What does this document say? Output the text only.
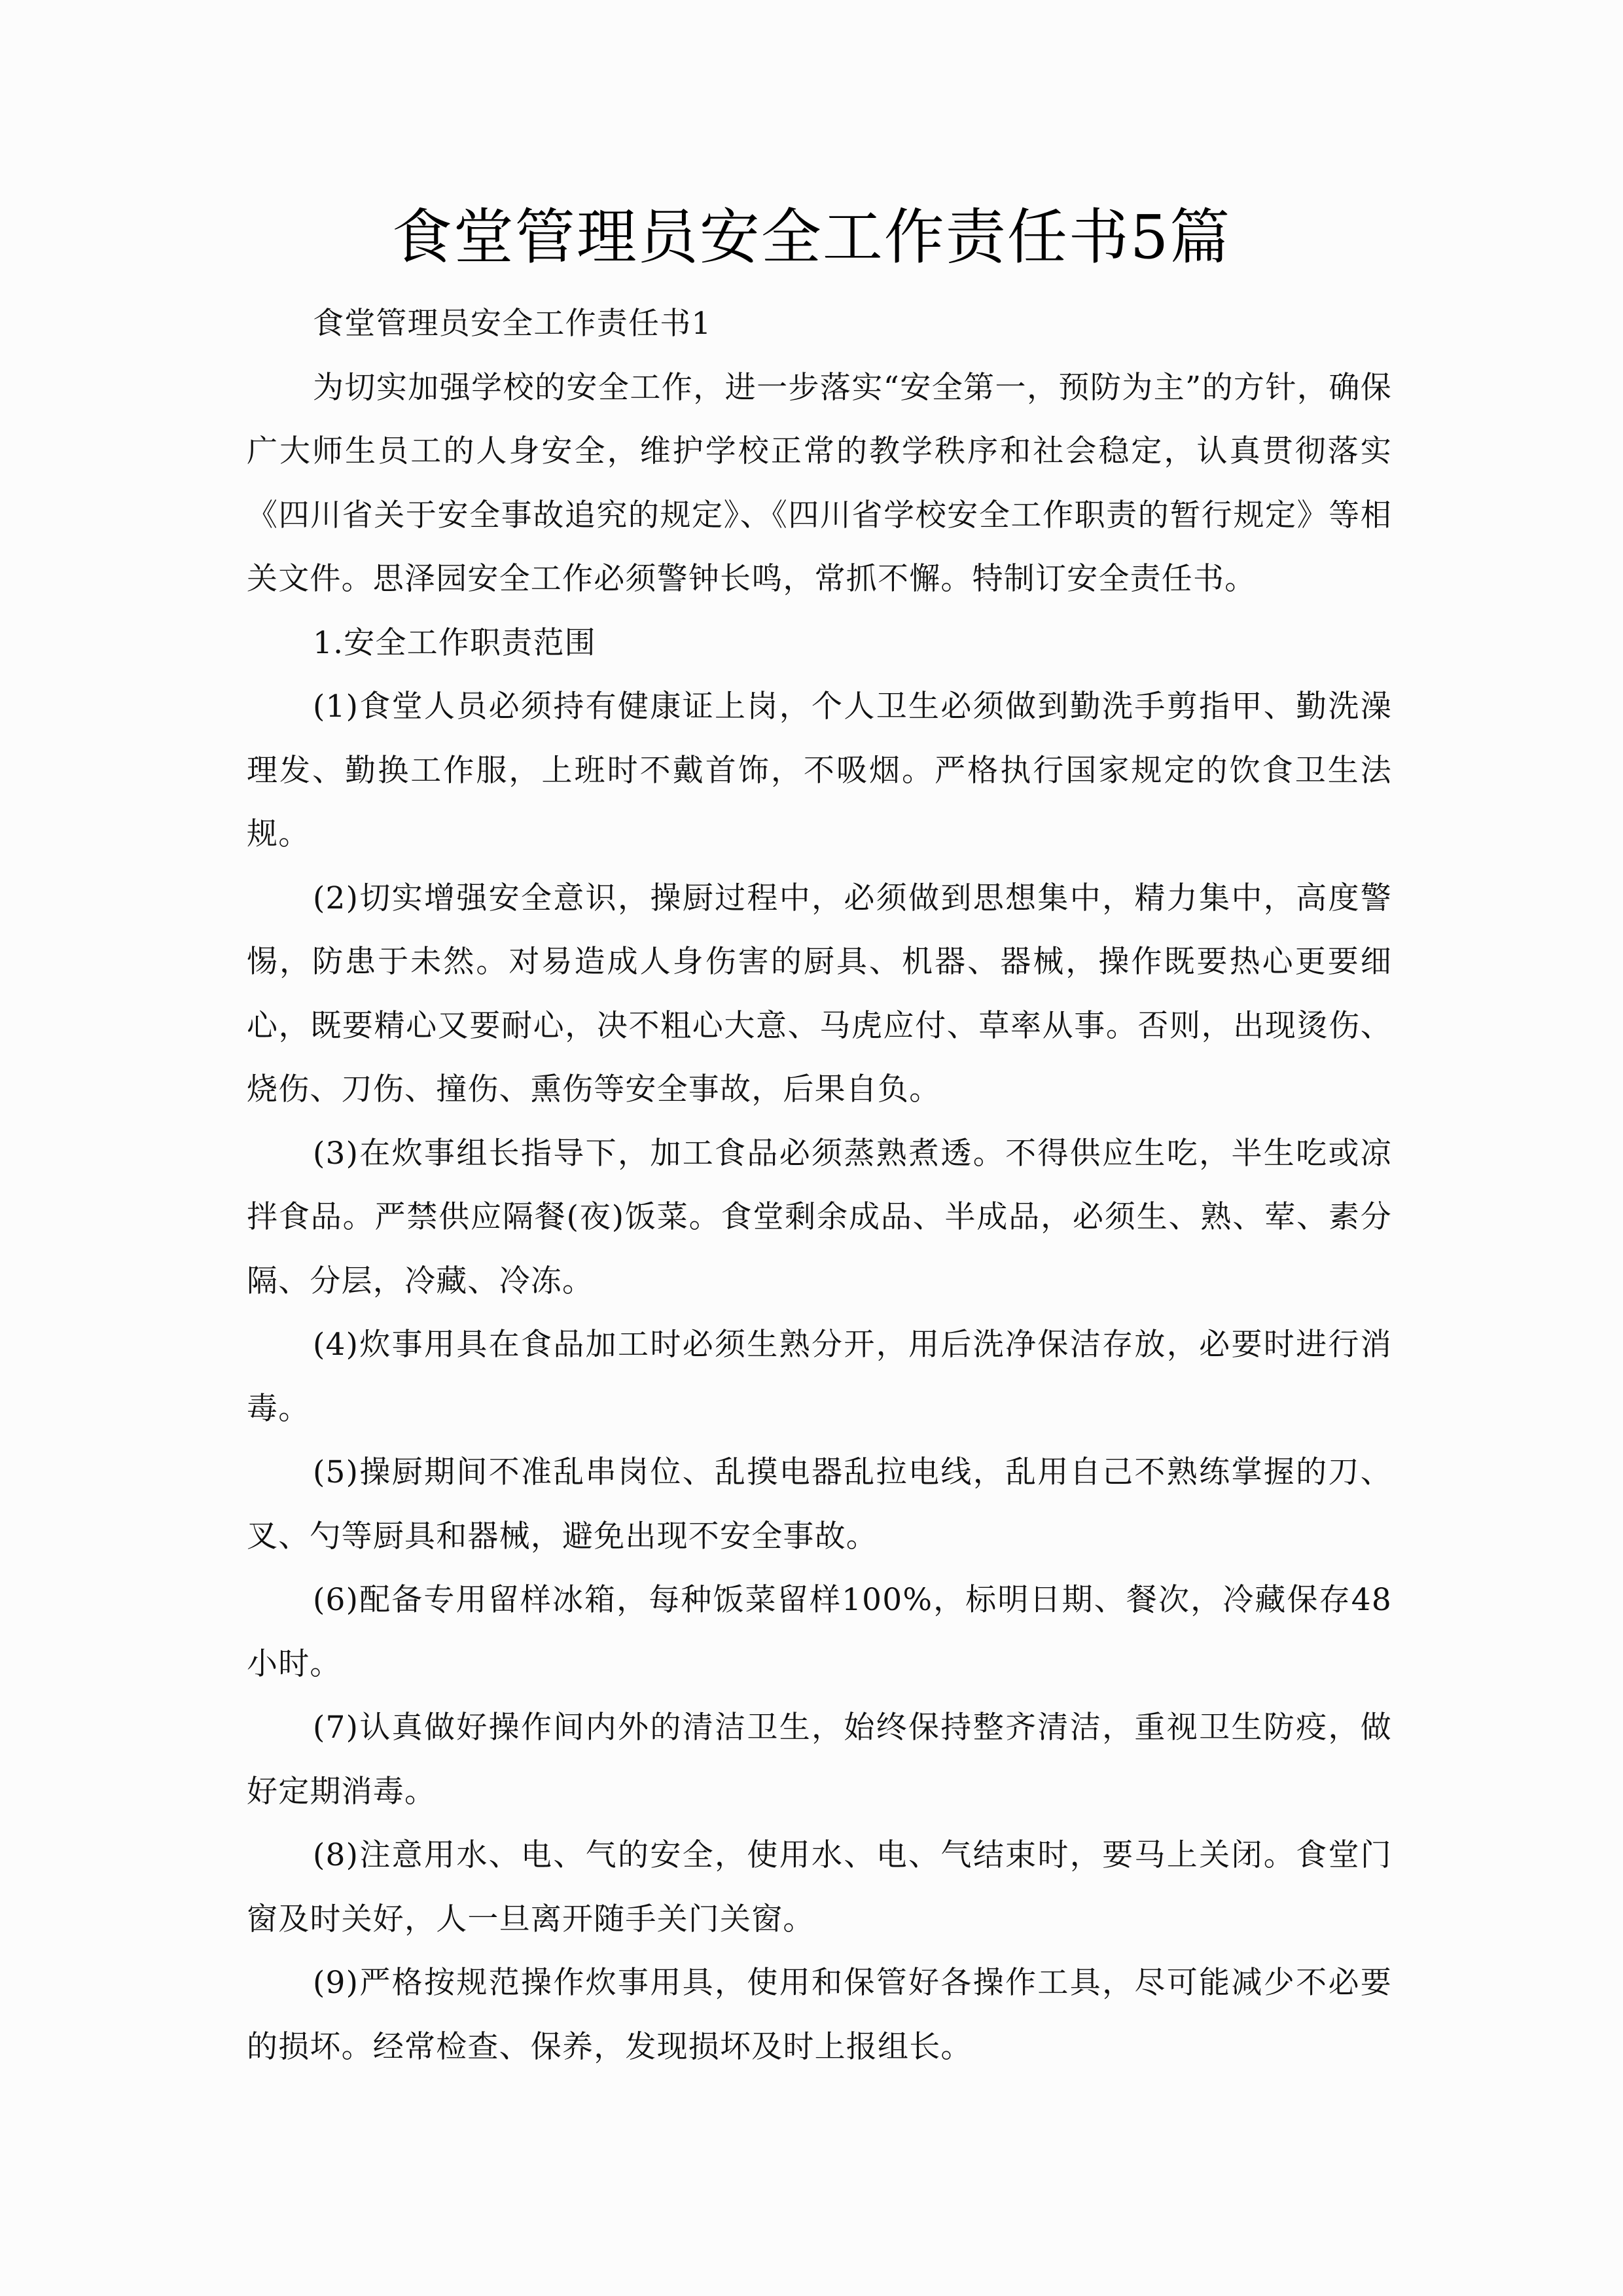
食堂管理员安全工作责任书5篇

食堂管理员安全工作责任书1

为切实加强学校的安全工作，进一步落实“安全第一，预防为主”的方针，确保广大师生员工的人身安全，维护学校正常的教学秩序和社会稳定，认真贯彻落实《四川省关于安全事故追究的规定》、《四川省学校安全工作职责的暂行规定》等相关文件。思泽园安全工作必须警钟长鸣，常抓不懈。特制订安全责任书。

1.安全工作职责范围

(1)食堂人员必须持有健康证上岗，个人卫生必须做到勤洗手剪指甲、勤洗澡理发、勤换工作服，上班时不戴首饰，不吸烟。严格执行国家规定的饮食卫生法规。

(2)切实增强安全意识，操厨过程中，必须做到思想集中，精力集中，高度警惕，防患于未然。对易造成人身伤害的厨具、机器、器械，操作既要热心更要细心，既要精心又要耐心，决不粗心大意、马虎应付、草率从事。否则，出现烫伤、烧伤、刀伤、撞伤、熏伤等安全事故，后果自负。

(3)在炊事组长指导下，加工食品必须蒸熟煮透。不得供应生吃，半生吃或凉拌食品。严禁供应隔餐(夜)饭菜。食堂剩余成品、半成品，必须生、熟、荤、素分隔、分层，冷藏、冷冻。

(4)炊事用具在食品加工时必须生熟分开，用后洗净保洁存放，必要时进行消毒。

(5)操厨期间不准乱串岗位、乱摸电器乱拉电线，乱用自己不熟练掌握的刀、叉、勺等厨具和器械，避免出现不安全事故。

(6)配备专用留样冰箱，每种饭菜留样100%，标明日期、餐次，冷藏保存48小时。

(7)认真做好操作间内外的清洁卫生，始终保持整齐清洁，重视卫生防疫，做好定期消毒。

(8)注意用水、电、气的安全，使用水、电、气结束时，要马上关闭。食堂门窗及时关好，人一旦离开随手关门关窗。

(9)严格按规范操作炊事用具，使用和保管好各操作工具，尽可能减少不必要的损坏。经常检查、保养，发现损坏及时上报组长。
